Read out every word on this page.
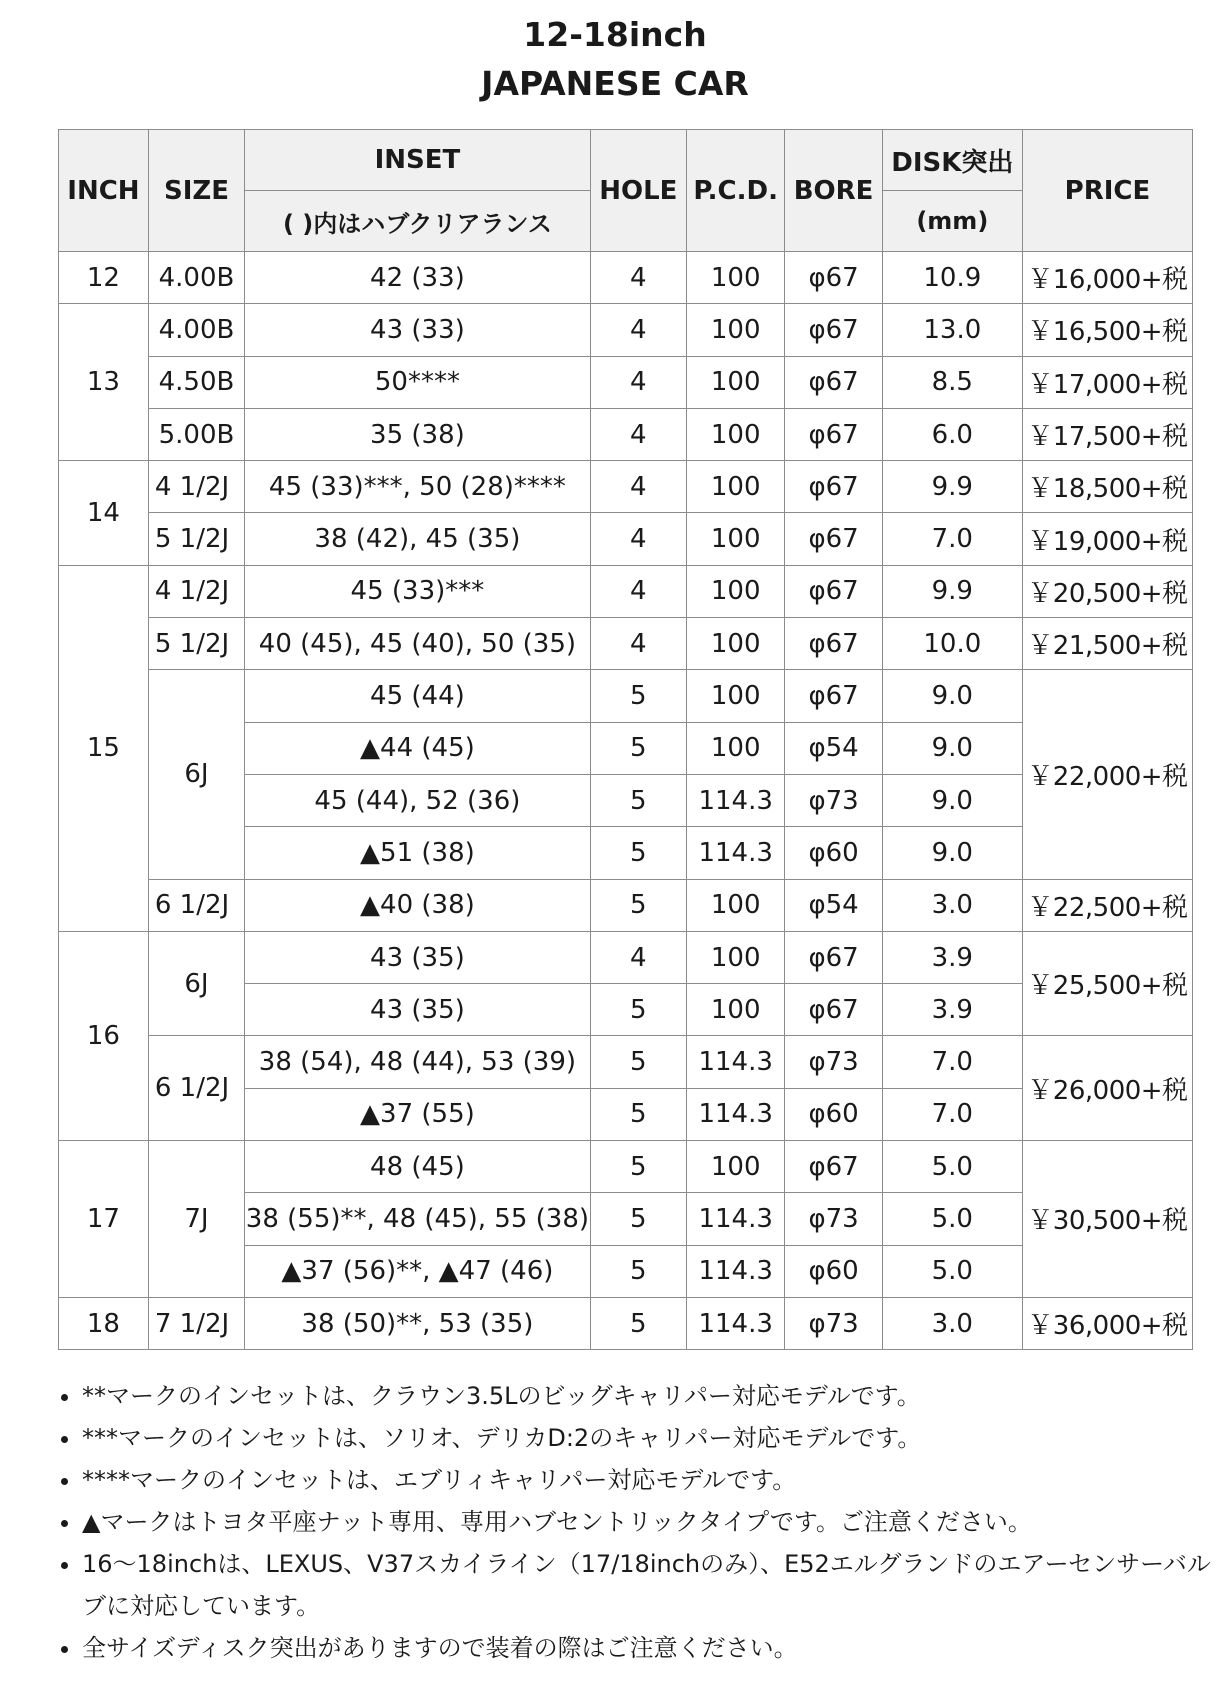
12-18inch
JAPANESE CAR
INCH	SIZE	INSET	HOLE	P.C.D.	BORE	DISK突出	PRICE
		( )内はハブクリアランス				(mm)	
12	4.00B	42 (33)	4	100	φ67	10.9	￥16,000+税
13	4.00B	43 (33)	4	100	φ67	13.0	￥16,500+税
	4.50B	50****	4	100	φ67	8.5	￥17,000+税
	5.00B	35 (38)	4	100	φ67	6.0	￥17,500+税
14	4 1/2J	45 (33)***, 50 (28)****	4	100	φ67	9.9	￥18,500+税
	5 1/2J	38 (42), 45 (35)	4	100	φ67	7.0	￥19,000+税
15	4 1/2J	45 (33)***	4	100	φ67	9.9	￥20,500+税
	5 1/2J	40 (45), 45 (40), 50 (35)	4	100	φ67	10.0	￥21,500+税
	6J	45 (44)	5	100	φ67	9.0	￥22,000+税
		▲44 (45)	5	100	φ54	9.0	
		45 (44), 52 (36)	5	114.3	φ73	9.0	
		▲51 (38)	5	114.3	φ60	9.0	
	6 1/2J	▲40 (38)	5	100	φ54	3.0	￥22,500+税
16	6J	43 (35)	4	100	φ67	3.9	￥25,500+税
		43 (35)	5	100	φ67	3.9	
	6 1/2J	38 (54), 48 (44), 53 (39)	5	114.3	φ73	7.0	￥26,000+税
		▲37 (55)	5	114.3	φ60	7.0	
17	7J	48 (45)	5	100	φ67	5.0	￥30,500+税
		38 (55)**, 48 (45), 55 (38)	5	114.3	φ73	5.0	
		▲37 (56)**, ▲47 (46)	5	114.3	φ60	5.0	
18	7 1/2J	38 (50)**, 53 (35)	5	114.3	φ73	3.0	￥36,000+税
• **マークのインセットは、クラウン3.5Lのビッグキャリパー対応モデルです。
• ***マークのインセットは、ソリオ、デリカD:2のキャリパー対応モデルです。
• ****マークのインセットは、エブリィキャリパー対応モデルです。
• ▲マークはトヨタ平座ナット専用、専用ハブセントリックタイプです。ご注意ください。
• 16〜18inchは、LEXUS、V37スカイライン（17/18inchのみ）、E52エルグランドのエアーセンサーバルブに対応しています。
• 全サイズディスク突出がありますので装着の際はご注意ください。
